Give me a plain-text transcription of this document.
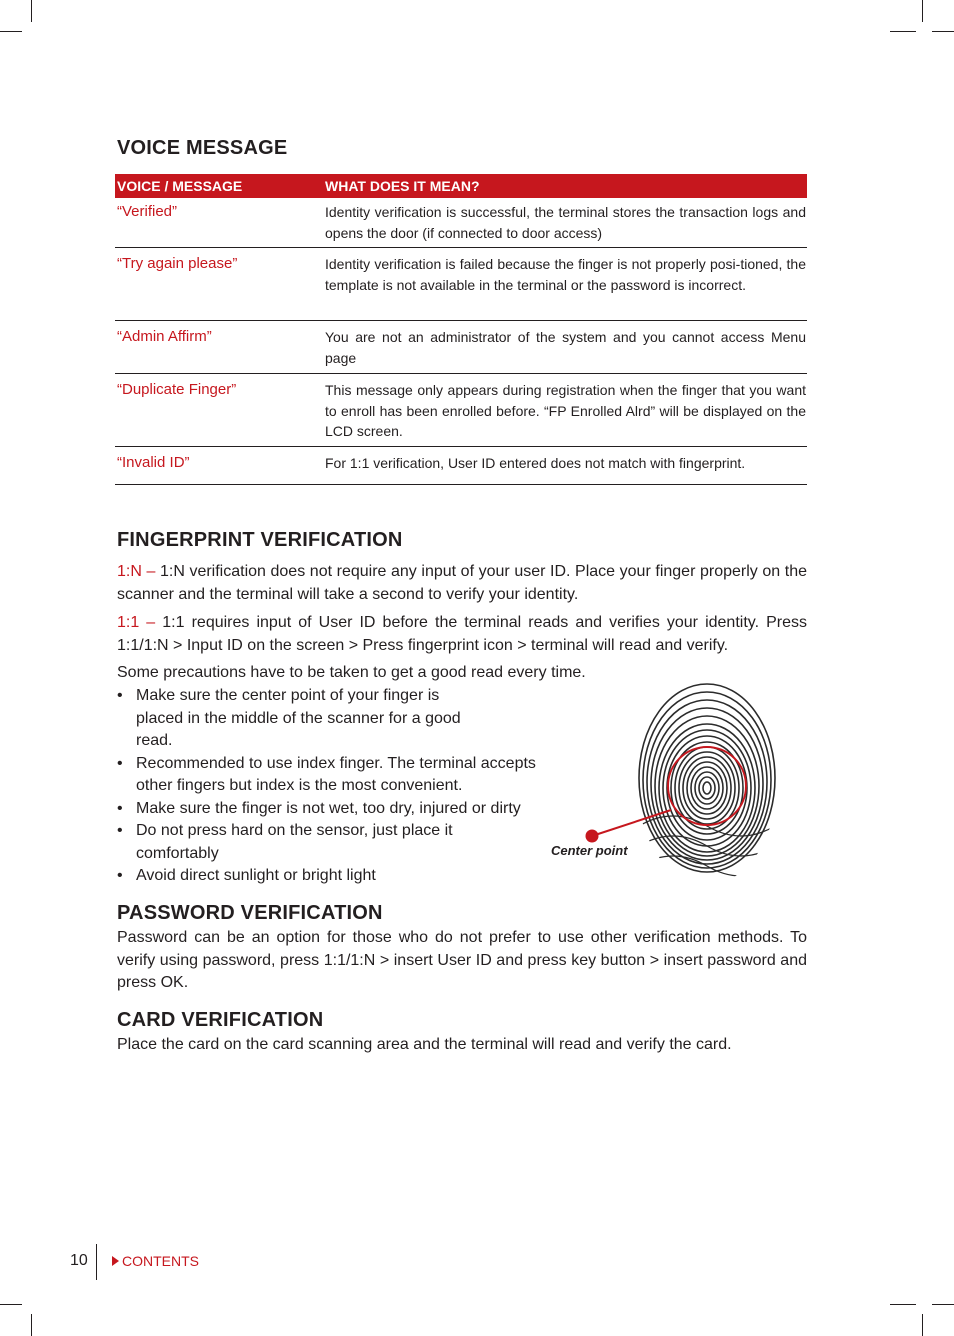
VOICE MESSAGE
VOICE / MESSAGE	WHAT DOES IT MEAN?
“Verified”	Identity verification is successful, the terminal stores the transaction logs and opens the door (if connected to door access)
“Try again please”	Identity verification is failed because the finger is not properly posi-tioned, the template is not available in the terminal or the password is incorrect.
“Admin Affirm”	You are not an administrator of the system and you cannot access Menu page
“Duplicate Finger”	This message only appears during registration when the finger that you want to enroll has been enrolled before. “FP Enrolled Alrd” will be displayed on the LCD screen.
“Invalid ID”	For 1:1 verification, User ID entered does not match with fingerprint.
FINGERPRINT VERIFICATION
1:N – 1:N verification does not require any input of your user ID. Place your finger properly on the scanner and the terminal will take a second to verify your identity.
1:1 – 1:1 requires input of User ID before the terminal reads and verifies your identity. Press 1:1/1:N > Input ID on the screen > Press fingerprint icon > terminal will read and verify.
Some precautions have to be taken to get a good read every time.
• Make sure the center point of your finger is placed in the middle of the scanner for a good read.
• Recommended to use index finger. The terminal accepts other fingers but index is the most convenient.
• Make sure the finger is not wet, too dry, injured or dirty
• Do not press hard on the sensor, just place it comfortably
• Avoid direct sunlight or bright light
Center point
PASSWORD VERIFICATION
Password can be an option for those who do not prefer to use other verification methods. To verify using password, press 1:1/1:N > insert User ID and press key button > insert password and press OK.
CARD VERIFICATION
Place the card on the card scanning area and the terminal will read and verify the card.
10 CONTENTS
